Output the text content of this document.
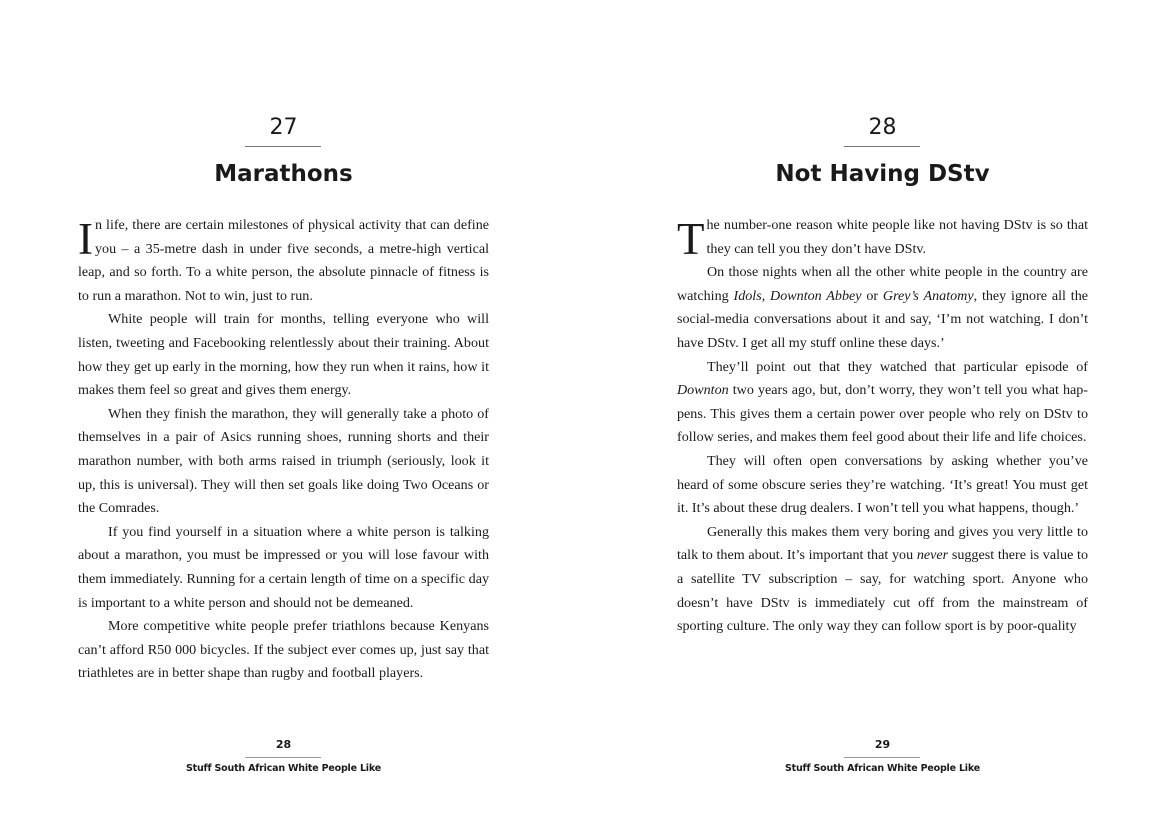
27
Marathons

In life, there are certain milestones of physical activity that can define you – a 35-metre dash in under five seconds, a metre-high vertical leap, and so forth. To a white person, the absolute pinnacle of fitness is to run a marathon. Not to win, just to run.

White people will train for months, telling everyone who will listen, tweeting and Facebooking relentlessly about their training. About how they get up early in the morning, how they run when it rains, how it makes them feel so great and gives them energy.

When they finish the marathon, they will generally take a photo of themselves in a pair of Asics running shoes, running shorts and their marathon number, with both arms raised in triumph (seriously, look it up, this is universal). They will then set goals like doing Two Oceans or the Comrades.

If you find yourself in a situation where a white person is talking about a marathon, you must be impressed or you will lose favour with them immediately. Running for a certain length of time on a specific day is important to a white person and should not be demeaned.

More competitive white people prefer triathlons because Kenyans can’t afford R50 000 bicycles. If the subject ever comes up, just say that triathletes are in better shape than rugby and football players.

28
Stuff South African White People Like
28
Not Having DStv

The number-one reason white people like not having DStv is so that they can tell you they don’t have DStv.

On those nights when all the other white people in the country are watching Idols, Downton Abbey or Grey’s Anatomy, they ignore all the social-media conversations about it and say, ‘I’m not watching. I don’t have DStv. I get all my stuff online these days.’

They’ll point out that they watched that particular episode of Downton two years ago, but, don’t worry, they won’t tell you what hap-pens. This gives them a certain power over people who rely on DStv to follow series, and makes them feel good about their life and life choices.

They will often open conversations by asking whether you’ve heard of some obscure series they’re watching. ‘It’s great! You must get it. It’s about these drug dealers. I won’t tell you what happens, though.’

Generally this makes them very boring and gives you very little to talk to them about. It’s important that you never suggest there is value to a satellite TV subscription – say, for watching sport. Anyone who doesn’t have DStv is immediately cut off from the mainstream of sporting culture. The only way they can follow sport is by poor-quality

29
Stuff South African White People Like
